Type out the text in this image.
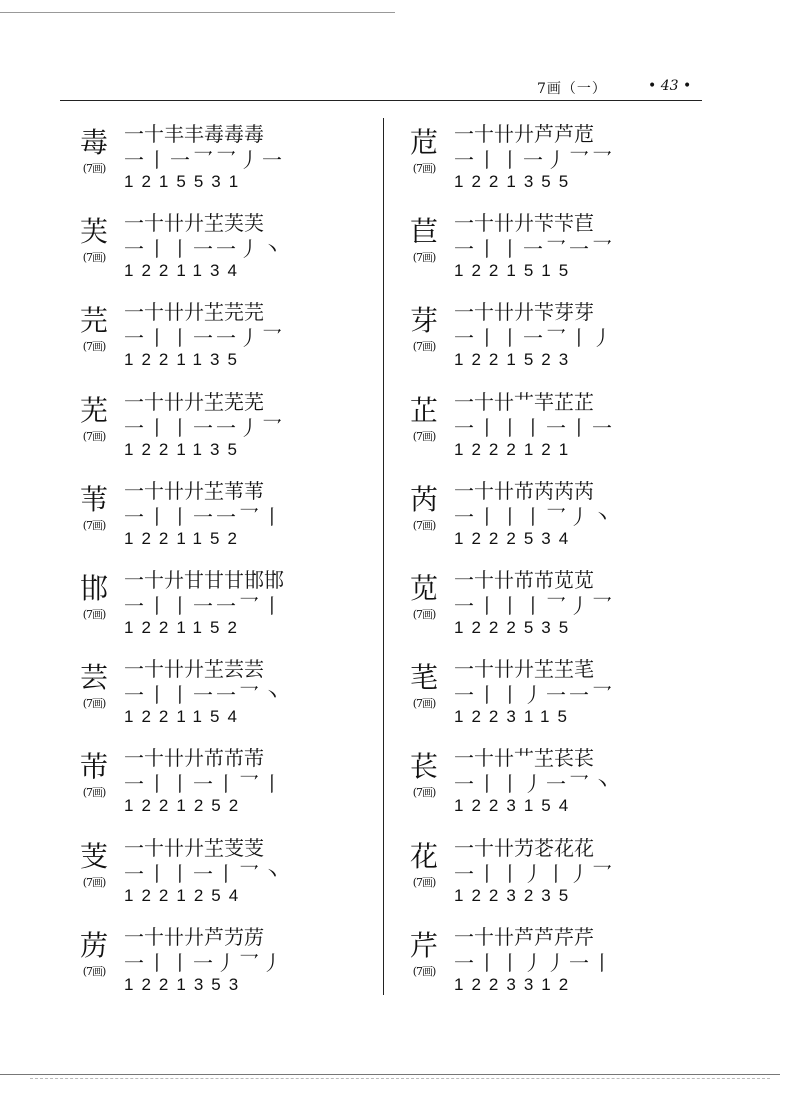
7画（一）	• 43 •
毒
(7画)
一十丰丰毒毒毒
一丨一乛乛丿一
1215531
芙
(7画)
一十卄廾芏芙芙
一丨丨一一丿丶
1221134
芫
(7画)
一十卄廾芏芫芫
一丨丨一一丿乛
1221135
芜
(7画)
一十卄廾芏芜芜
一丨丨一一丿乛
1221135
苇
(7画)
一十卄廾芏苇苇
一丨丨一一乛丨
1221152
邯
(7画)
一十廾甘甘甘邯邯
一丨丨一一乛丨
1221152
芸
(7画)
一十卄廾芏芸芸
一丨丨一一乛丶
1221154
芾
(7画)
一十卄廾芇芇芾
一丨丨一丨乛丨
1221252
芰
(7画)
一十卄廾芏芰芰
一丨丨一丨乛丶
1221254
苈
(7画)
一十卄廾芦芀苈
一丨丨一丿乛丿
1221353
苊
(7画)
一十卄廾芦芦苊
一丨丨一丿乛乛
1221355
苣
(7画)
一十卄廾芐芐苣
一丨丨一乛一乛
1221515
芽
(7画)
一十卄廾芐芽芽
一丨丨一乛丨丿
1221523
芷
(7画)
一十卄艹芉芷芷
一丨丨丨一丨一
1222121
芮
(7画)
一十卄芇芮芮芮
一丨丨丨乛丿丶
1222534
苋
(7画)
一十卄芇芇苋苋
一丨丨丨乛丿乛
1222535
芼
(7画)
一十卄廾芏芏芼
一丨丨丿一一乛
1223115
苌
(7画)
一十卄艹芏苌苌
一丨丨丿一乛丶
1223154
花
(7画)
一十卄芀芲花花
一丨丨丿丨丿乛
1223235
芹
(7画)
一十卄芦芦芹芹
一丨丨丿丿一丨
1223312
